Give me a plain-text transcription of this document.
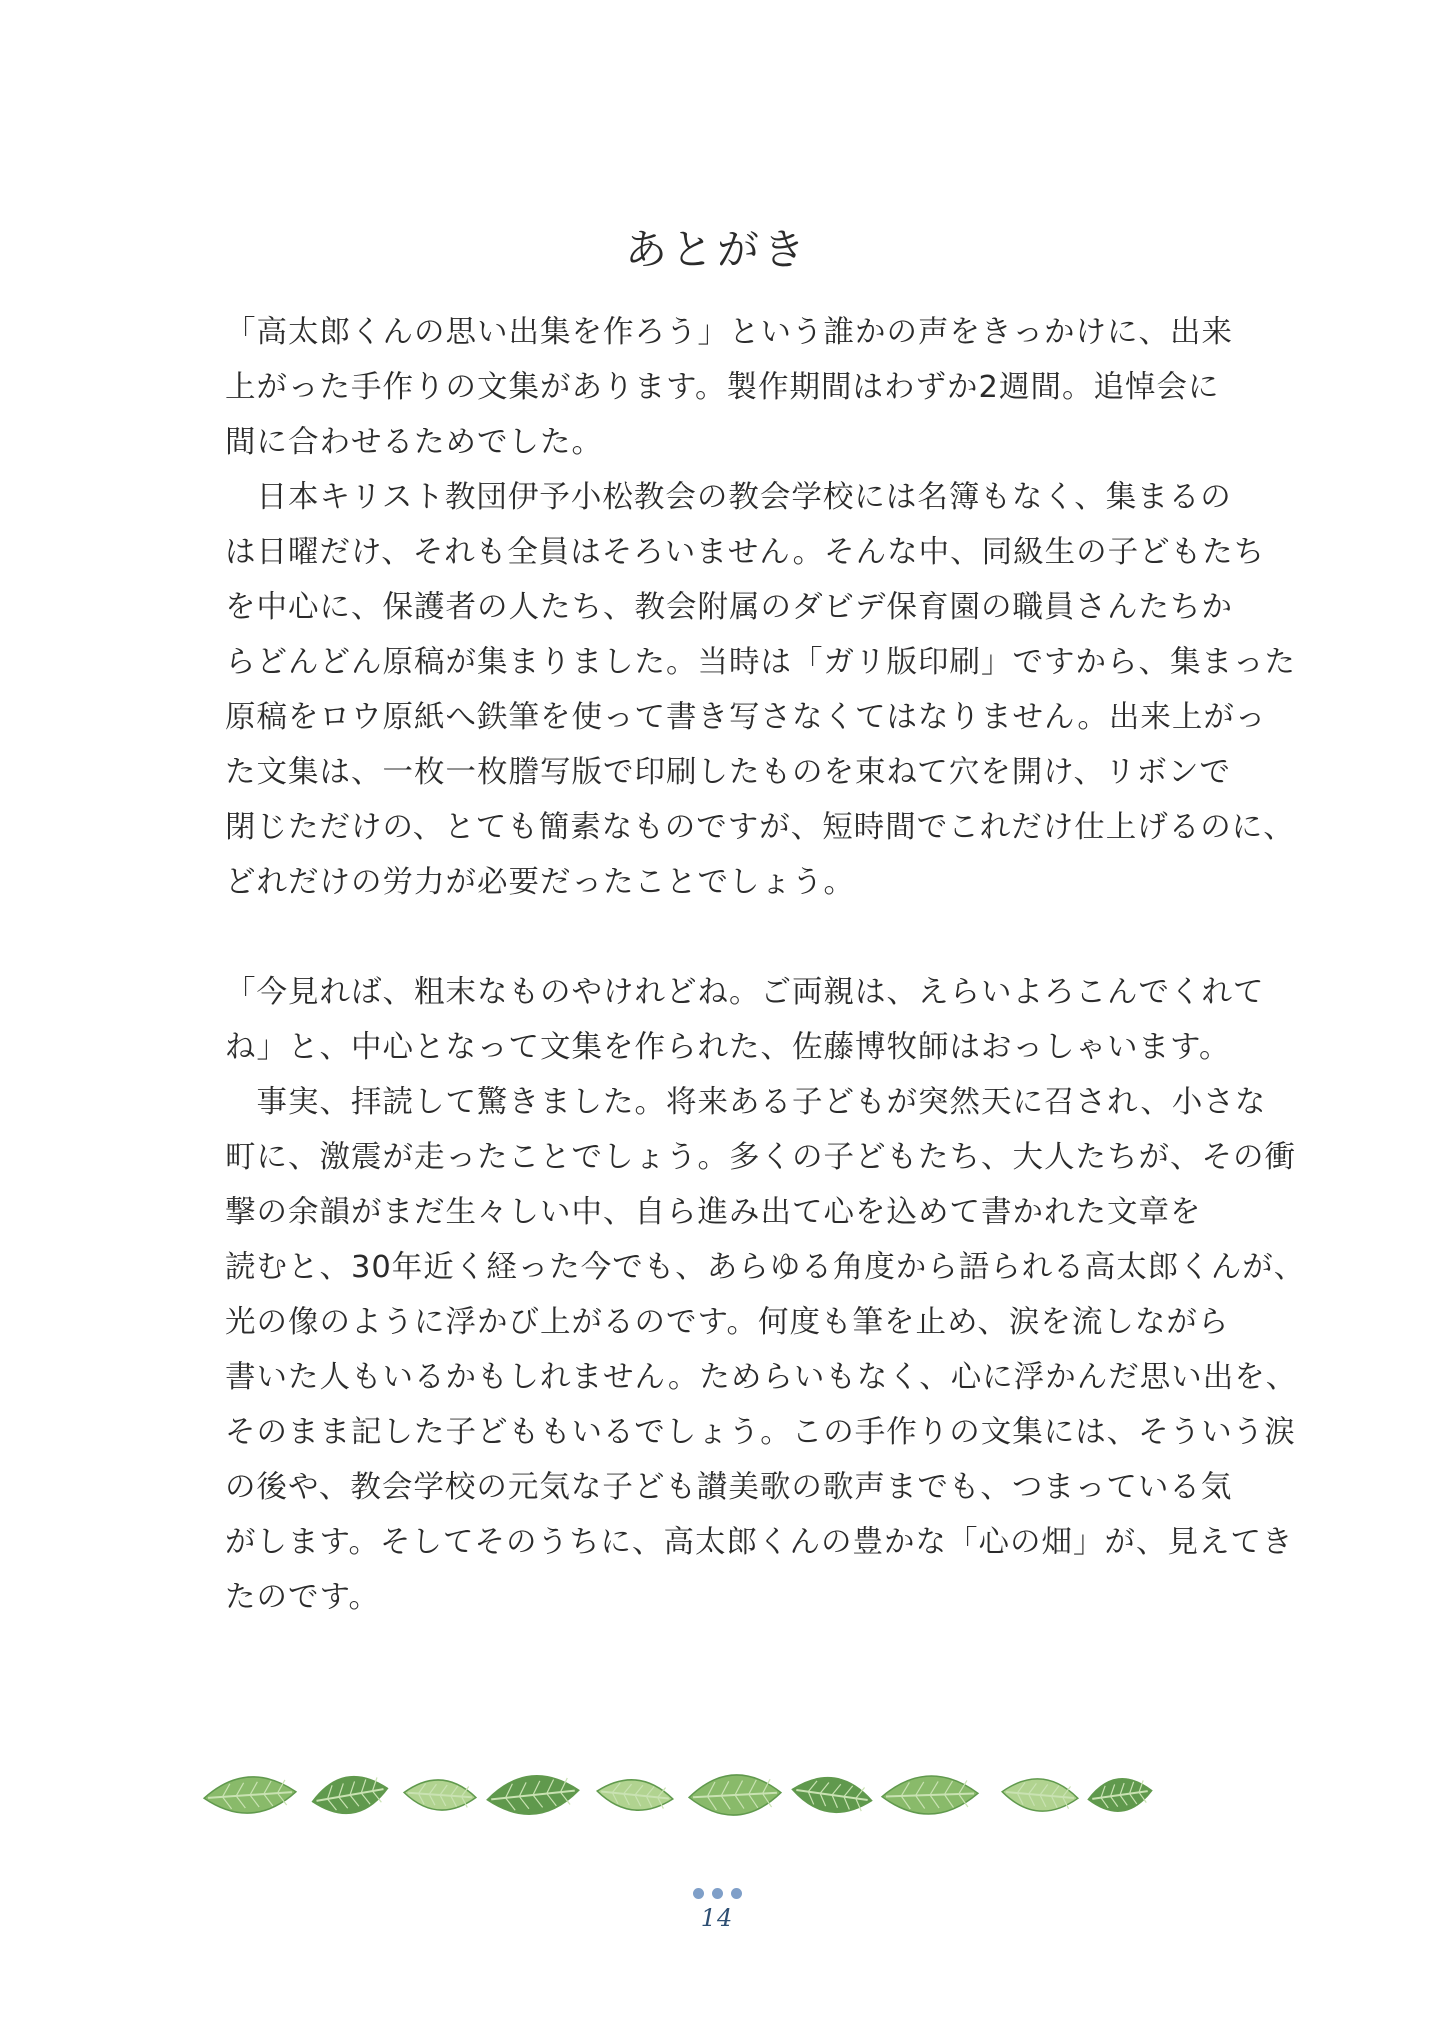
あとがき

「高太郎くんの思い出集を作ろう」という誰かの声をきっかけに、出来
上がった手作りの文集があります。製作期間はわずか2週間。追悼会に
間に合わせるためでした。

　日本キリスト教団伊予小松教会の教会学校には名簿もなく、集まるの
は日曜だけ、それも全員はそろいません。そんな中、同級生の子どもたち
を中心に、保護者の人たち、教会附属のダビデ保育園の職員さんたちか
らどんどん原稿が集まりました。当時は「ガリ版印刷」ですから、集まった
原稿をロウ原紙へ鉄筆を使って書き写さなくてはなりません。出来上がっ
た文集は、一枚一枚謄写版で印刷したものを束ねて穴を開け、リボンで
閉じただけの、とても簡素なものですが、短時間でこれだけ仕上げるのに、
どれだけの労力が必要だったことでしょう。

「今見れば、粗末なものやけれどね。ご両親は、えらいよろこんでくれて
ね」と、中心となって文集を作られた、佐藤博牧師はおっしゃいます。

　事実、拝読して驚きました。将来ある子どもが突然天に召され、小さな
町に、激震が走ったことでしょう。多くの子どもたち、大人たちが、その衝
撃の余韻がまだ生々しい中、自ら進み出て心を込めて書かれた文章を
読むと、30年近く経った今でも、あらゆる角度から語られる高太郎くんが、
光の像のように浮かび上がるのです。何度も筆を止め、涙を流しながら
書いた人もいるかもしれません。ためらいもなく、心に浮かんだ思い出を、
そのまま記した子どももいるでしょう。この手作りの文集には、そういう涙
の後や、教会学校の元気な子ども讃美歌の歌声までも、つまっている気
がします。そしてそのうちに、高太郎くんの豊かな「心の畑」が、見えてき
たのです。

14
